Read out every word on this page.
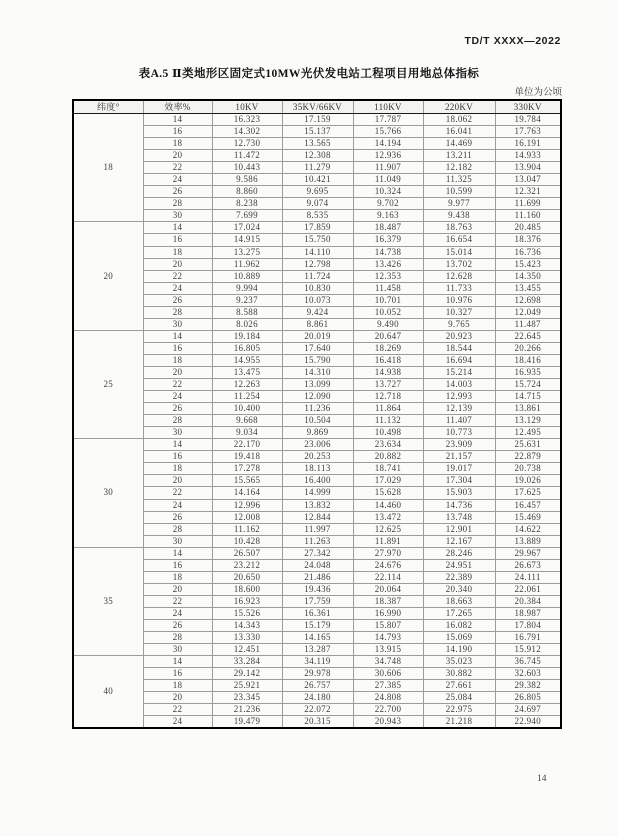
TD/T XXXX—2022
表A.5 Ⅱ类地形区固定式10MW光伏发电站工程项目用地总体指标
单位为公顷
纬度°	效率%	10KV	35KV/66KV	110KV	220KV	330KV
18	14	16.323	17.159	17.787	18.062	19.784
	16	14.302	15.137	15.766	16.041	17.763
	18	12.730	13.565	14.194	14.469	16.191
	20	11.472	12.308	12.936	13.211	14.933
	22	10.443	11.279	11.907	12.182	13.904
	24	9.586	10.421	11.049	11.325	13.047
	26	8.860	9.695	10.324	10.599	12.321
	28	8.238	9.074	9.702	9.977	11.699
	30	7.699	8.535	9.163	9.438	11.160
20	14	17.024	17.859	18.487	18.763	20.485
	16	14.915	15.750	16.379	16.654	18.376
	18	13.275	14.110	14.738	15.014	16.736
	20	11.962	12.798	13.426	13.702	15.423
	22	10.889	11.724	12.353	12.628	14.350
	24	9.994	10.830	11.458	11.733	13.455
	26	9.237	10.073	10.701	10.976	12.698
	28	8.588	9.424	10.052	10.327	12.049
	30	8.026	8.861	9.490	9.765	11.487
25	14	19.184	20.019	20.647	20.923	22.645
	16	16.805	17.640	18.269	18.544	20.266
	18	14.955	15.790	16.418	16.694	18.416
	20	13.475	14.310	14.938	15.214	16.935
	22	12.263	13.099	13.727	14.003	15.724
	24	11.254	12.090	12.718	12.993	14.715
	26	10.400	11.236	11.864	12.139	13.861
	28	9.668	10.504	11.132	11.407	13.129
	30	9.034	9.869	10.498	10.773	12.495
30	14	22.170	23.006	23.634	23.909	25.631
	16	19.418	20.253	20.882	21.157	22.879
	18	17.278	18.113	18.741	19.017	20.738
	20	15.565	16.400	17.029	17.304	19.026
	22	14.164	14.999	15.628	15.903	17.625
	24	12.996	13.832	14.460	14.736	16.457
	26	12.008	12.844	13.472	13.748	15.469
	28	11.162	11.997	12.625	12.901	14.622
	30	10.428	11.263	11.891	12.167	13.889
35	14	26.507	27.342	27.970	28.246	29.967
	16	23.212	24.048	24.676	24.951	26.673
	18	20.650	21.486	22.114	22.389	24.111
	20	18.600	19.436	20.064	20.340	22.061
	22	16.923	17.759	18.387	18.663	20.384
	24	15.526	16.361	16.990	17.265	18.987
	26	14.343	15.179	15.807	16.082	17.804
	28	13.330	14.165	14.793	15.069	16.791
	30	12.451	13.287	13.915	14.190	15.912
40	14	33.284	34.119	34.748	35.023	36.745
	16	29.142	29.978	30.606	30.882	32.603
	18	25.921	26.757	27.385	27.661	29.382
	20	23.345	24.180	24.808	25.084	26.805
	22	21.236	22.072	22.700	22.975	24.697
	24	19.479	20.315	20.943	21.218	22.940
14
